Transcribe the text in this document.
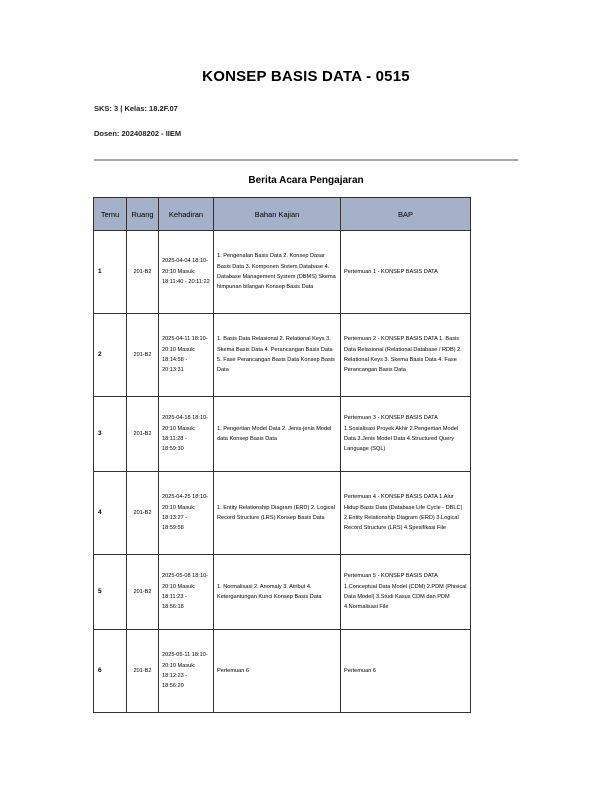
KONSEP BASIS DATA - 0515
SKS: 3 | Kelas: 18.2F.07
Dosen: 202408202 - IIEM
Berita Acara Pengajaran
Temu	Ruang	Kehadiran	Bahan Kajian	BAP
1	201-B2	2025-04-04 18:10-20:10 Masuk: 18:11:40 - 20:11:22	1. Pengenalan Basis Data 2. Konsep Dasar Basis Data 3. Komponen Sistem Database 4. Database Management System (DBMS) Skema himpunan bilangan Konsep Basis Data	Pertemuan 1 - KONSEP BASIS DATA
2	201-B2	2025-04-11 18:10-20:10 Masuk: 18:14:58 - 20:13:31	1. Basis Data Relasional 2. Relational Keys 3. Skema Basis Data 4. Perancangan Basis Data 5. Fase Perancangan Basis Data Konsep Basis Data	Pertemuan 2 - KONSEP BASIS DATA 1. Basis Data Relasional (Relational Database / RDB) 2. Relational Keys 3. Skema Basis Data 4. Fase Perancangan Basis Data
3	201-B2	2025-04-18 18:10-20:10 Masuk: 18:11:28 - 18:59:30	1. Pengertian Model Data 2. Jenis-jenis Model data Konsep Basis Data	Pertemuan 3 - KONSEP BASIS DATA 1.Sosialisasi Proyek Akhir 2.Pengertian Model Data 3.Jenis Model Data 4.Structured Query Language (SQL)
4	201-B2	2025-04-25 18:10-20:10 Masuk: 18:13:27 - 18:59:58	1. Entity Relationship Diagram (ERD) 2. Logical Record Structure (LRS) Konsep Basis Data	Pertemuan 4 - KONSEP BASIS DATA 1.Alur Hidup Basis Data (Database Life Cycle - DBLC) 2.Entity Relationship Diagram (ERD) 3.Logical Record Structure (LRS) 4.Spesifikasi File
5	201-B2	2025-05-08 18:10-20:10 Masuk: 18:11:23 - 18:56:18	1. Normalisasi 2. Anomaly 3. Atribut 4. Ketergantungan Kunci Konsep Basis Data	Pertemuan 5 - KONSEP BASIS DATA 1.Conceptual Data Model (CDM) 2.PDM (Phisical Data Model) 3.Studi Kasus CDM dan PDM 4.Normalisasi File
6	201-B2	2025-05-11 18:10-20:10 Masuk: 18:12:23 - 18:56:20	Pertemuan 6	Pertemuan 6
